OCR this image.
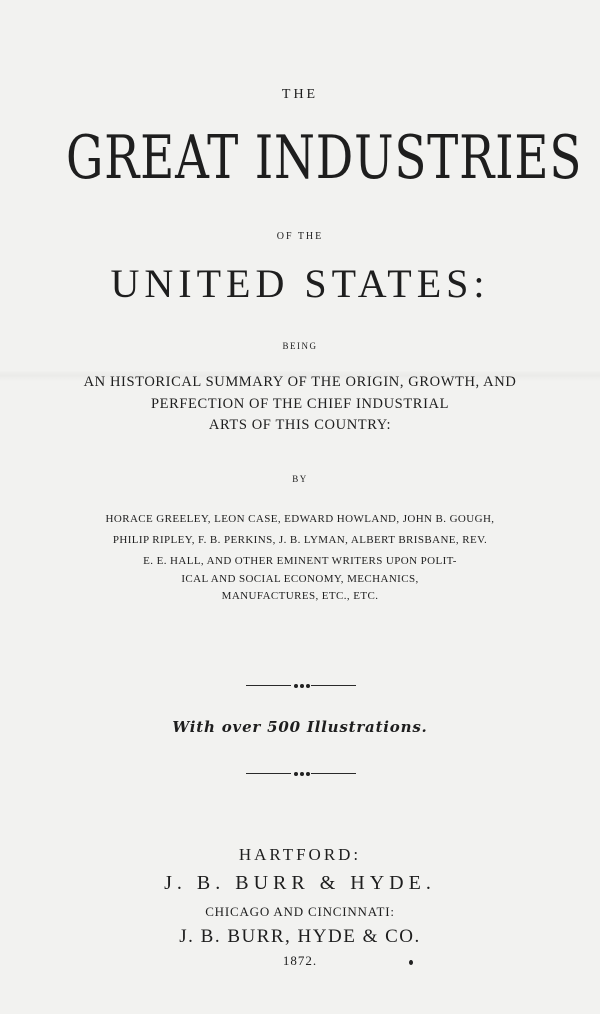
THE
GREAT INDUSTRIES
OF THE
UNITED STATES:
BEING
AN HISTORICAL SUMMARY OF THE ORIGIN, GROWTH, AND
PERFECTION OF THE CHIEF INDUSTRIAL
ARTS OF THIS COUNTRY:
BY
HORACE GREELEY, LEON CASE, EDWARD HOWLAND, JOHN B. GOUGH,
PHILIP RIPLEY, F. B. PERKINS, J. B. LYMAN, ALBERT BRISBANE, REV.
E. E. HALL, AND OTHER EMINENT WRITERS UPON POLIT-
ICAL AND SOCIAL ECONOMY, MECHANICS,
MANUFACTURES, ETC., ETC.
With over 500 Illustrations.
HARTFORD:
J. B. BURR & HYDE.
CHICAGO AND CINCINNATI:
J. B. BURR, HYDE & CO.
1872.
